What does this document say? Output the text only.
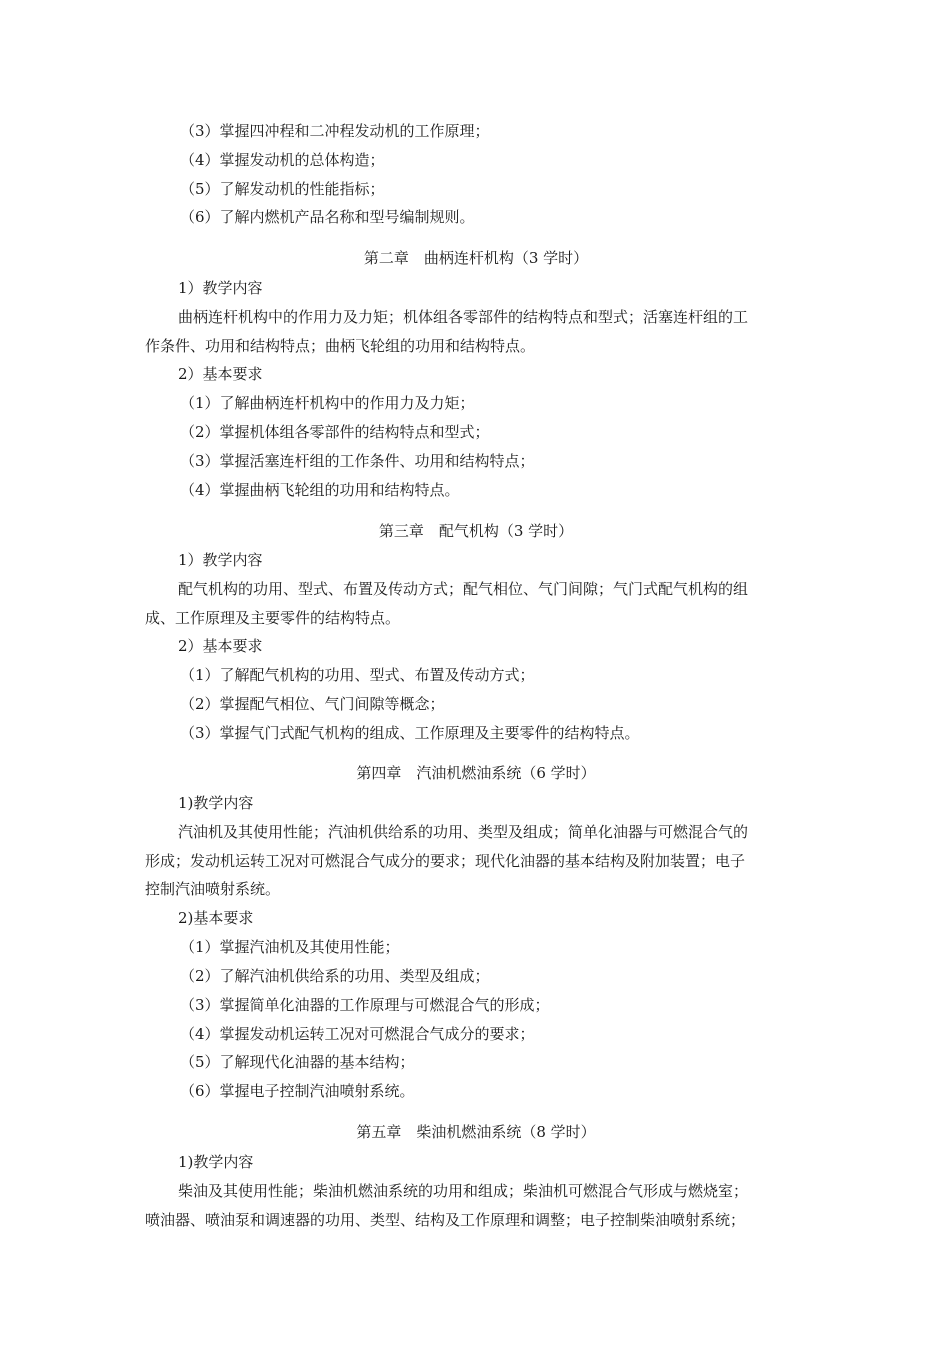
（3）掌握四冲程和二冲程发动机的工作原理；
（4）掌握发动机的总体构造；
（5）了解发动机的性能指标；
（6）了解内燃机产品名称和型号编制规则。
第二章　曲柄连杆机构（3 学时）
1）教学内容
曲柄连杆机构中的作用力及力矩；机体组各零部件的结构特点和型式；活塞连杆组的工
作条件、功用和结构特点；曲柄飞轮组的功用和结构特点。
2）基本要求
（1）了解曲柄连杆机构中的作用力及力矩；
（2）掌握机体组各零部件的结构特点和型式；
（3）掌握活塞连杆组的工作条件、功用和结构特点；
（4）掌握曲柄飞轮组的功用和结构特点。
第三章　配气机构（3 学时）
1）教学内容
配气机构的功用、型式、布置及传动方式；配气相位、气门间隙；气门式配气机构的组
成、工作原理及主要零件的结构特点。
2）基本要求
（1）了解配气机构的功用、型式、布置及传动方式；
（2）掌握配气相位、气门间隙等概念；
（3）掌握气门式配气机构的组成、工作原理及主要零件的结构特点。
第四章　汽油机燃油系统（6 学时）
1)教学内容
汽油机及其使用性能；汽油机供给系的功用、类型及组成；简单化油器与可燃混合气的
形成；发动机运转工况对可燃混合气成分的要求；现代化油器的基本结构及附加装置；电子
控制汽油喷射系统。
2)基本要求
（1）掌握汽油机及其使用性能；
（2）了解汽油机供给系的功用、类型及组成；
（3）掌握简单化油器的工作原理与可燃混合气的形成；
（4）掌握发动机运转工况对可燃混合气成分的要求；
（5）了解现代化油器的基本结构；
（6）掌握电子控制汽油喷射系统。
第五章　柴油机燃油系统（8 学时）
1)教学内容
柴油及其使用性能；柴油机燃油系统的功用和组成；柴油机可燃混合气形成与燃烧室；
喷油器、喷油泵和调速器的功用、类型、结构及工作原理和调整；电子控制柴油喷射系统；
